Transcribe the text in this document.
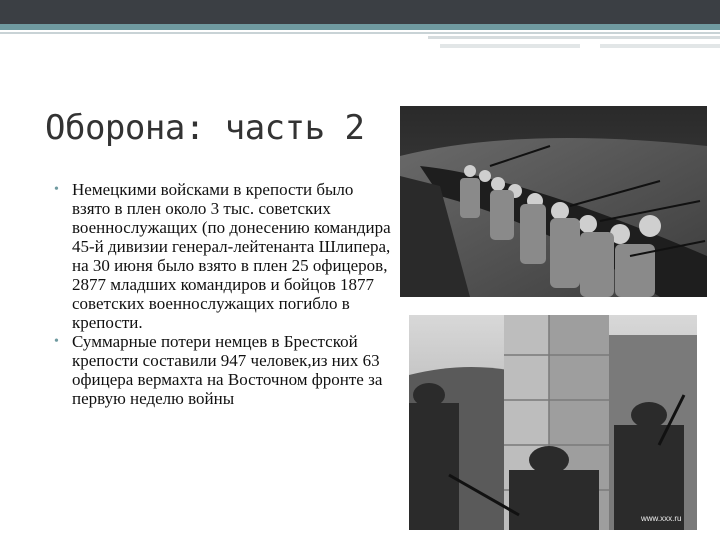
Оборона: часть 2
• Немецкими войсками в крепости было взято в плен около 3 тыс. советских военнослужащих (по донесению командира 45-й дивизии генерал-лейтенанта Шлипера, на 30 июня было взято в плен 25 офицеров, 2877 младших командиров и бойцов 1877 советских военнослужащих погибло в крепости.
• Суммарные потери немцев в Брестской крепости составили 947 человек,из них 63 офицера вермахта на Восточном фронте за первую неделю войны
www.xxx.ru
